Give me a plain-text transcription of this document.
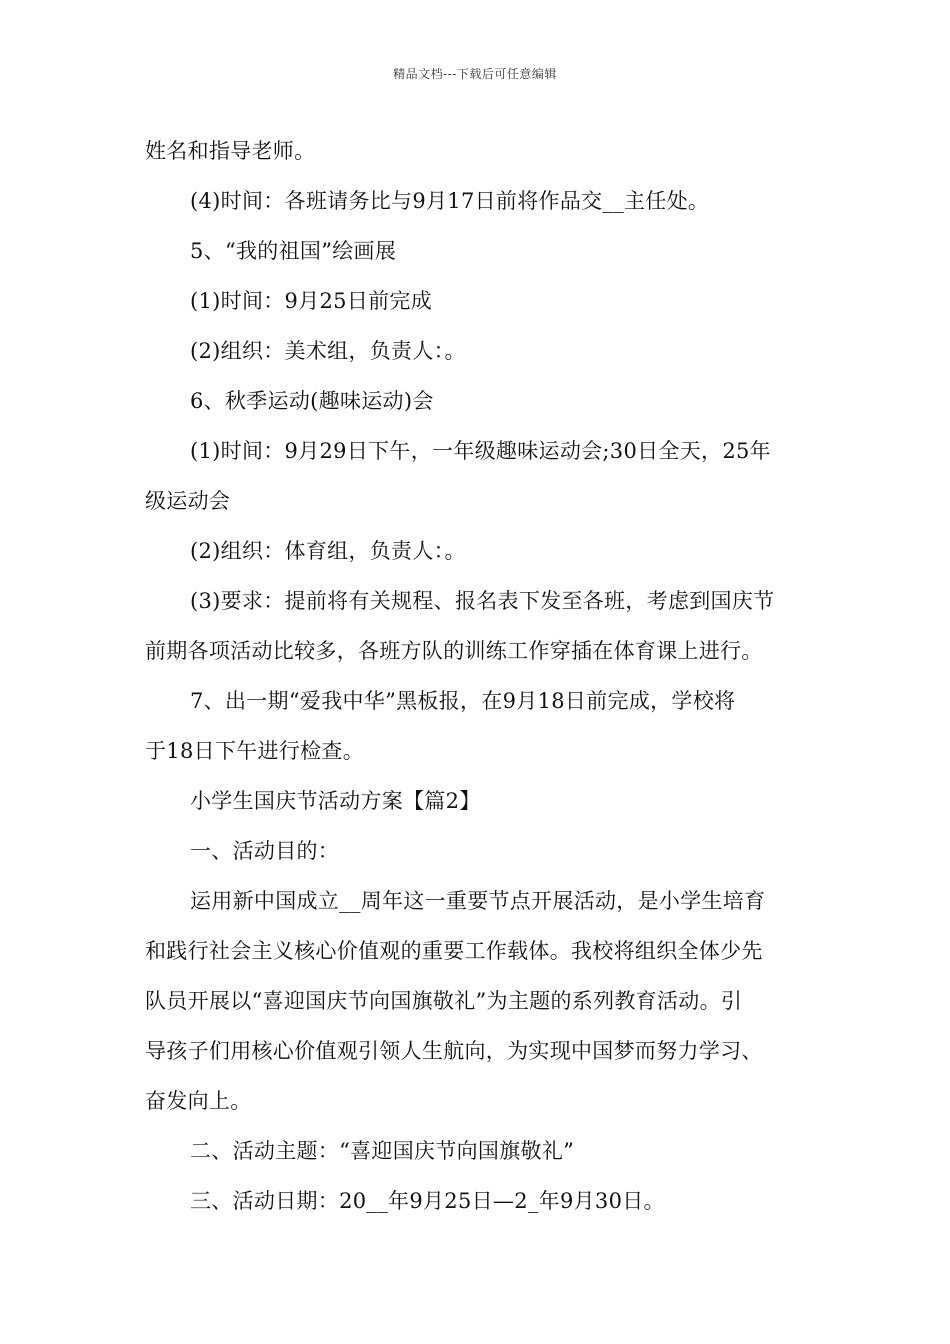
精品文档---下载后可任意编辑
姓名和指导老师。
(4)时间：各班请务比与9月17日前将作品交__主任处。
5、“我的祖国”绘画展
(1)时间：9月25日前完成
(2)组织：美术组，负责人：。
6、秋季运动(趣味运动)会
(1)时间：9月29日下午，一年级趣味运动会;30日全天，25年
级运动会
(2)组织：体育组，负责人：。
(3)要求：提前将有关规程、报名表下发至各班，考虑到国庆节
前期各项活动比较多，各班方队的训练工作穿插在体育课上进行。
7、出一期“爱我中华”黑板报，在9月18日前完成，学校将
于18日下午进行检查。
小学生国庆节活动方案【篇2】
一、活动目的：
运用新中国成立__周年这一重要节点开展活动，是小学生培育
和践行社会主义核心价值观的重要工作载体。我校将组织全体少先
队员开展以“喜迎国庆节向国旗敬礼”为主题的系列教育活动。引
导孩子们用核心价值观引领人生航向，为实现中国梦而努力学习、
奋发向上。
二、活动主题：“喜迎国庆节向国旗敬礼”
三、活动日期：20__年9月25日—2_年9月30日。
